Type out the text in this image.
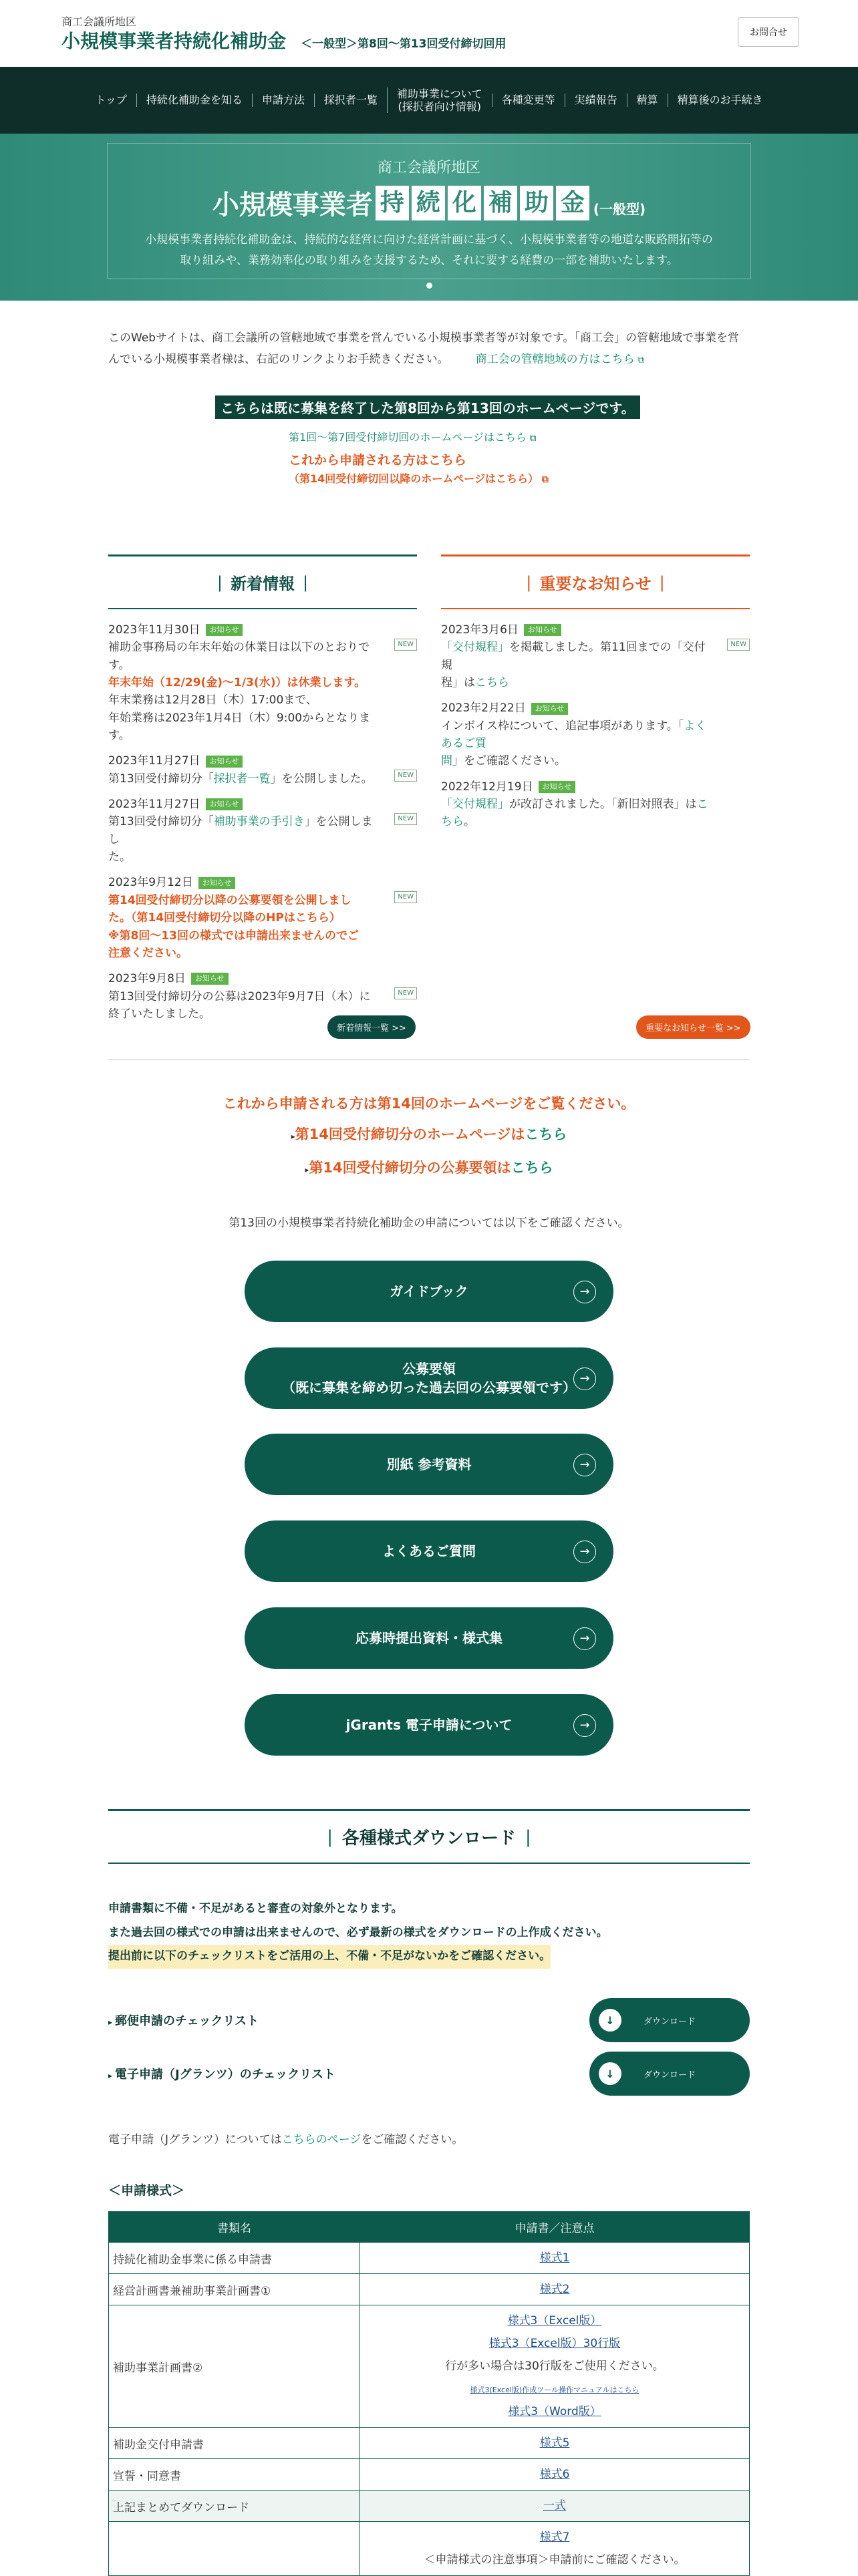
商工会議所地区
小規模事業者持続化補助金 ＜一般型＞第8回〜第13回受付締切回用
お問合せ
トップ	持続化補助金を知る	申請方法	採択者一覧
補助事業について
(採択者向け情報)
各種変更等	実績報告	精算	精算後のお手続き
商工会議所地区
小規模事業者 持 続 化 補 助 金 (一般型)
小規模事業者持続化補助金は、持続的な経営に向けた経営計画に基づく、小規模事業者等の地道な販路開拓等の
取り組みや、業務効率化の取り組みを支援するため、それに要する経費の一部を補助いたします。
このWebサイトは、商工会議所の管轄地域で事業を営んでいる小規模事業者等が対象です。「商工会」の管轄地域で事業を営
んでいる小規模事業者様は、右記のリンクよりお手続きください。 商工会の管轄地域の方はこちら ⧉
こちらは既に募集を終了した第8回から第13回のホームページです。
第1回〜第7回受付締切回のホームページはこちら ⧉
これから申請される方はこちら
（第14回受付締切回以降のホームページはこちら） ⧉
| 新着情報 |
2023年11月30日	お知らせ
NEW
補助金事務局の年末年始の休業日は以下のとおりで
す。
年末年始（12/29(金)〜1/3(水)）は休業します。
年末業務は12月28日（木）17:00まで、
年始業務は2023年1月4日（木）9:00からとなります。
2023年11月27日	お知らせ
NEW
第13回受付締切分「採択者一覧」を公開しました。
2023年11月27日	お知らせ
NEW
第13回受付締切分「補助事業の手引き」を公開しまし
た。
2023年9月12日	お知らせ
NEW
第14回受付締切分以降の公募要領を公開しまし
た。（第14回受付締切分以降のHPはこちら）
※第8回〜13回の様式では申請出来ませんのでご
注意ください。
2023年9月8日	お知らせ
NEW
第13回受付締切分の公募は2023年9月7日（木）に
終了いたしました。
新着情報一覧 >>
| 重要なお知らせ |
2023年3月6日	お知らせ
NEW
「交付規程」を掲載しました。第11回までの「交付規
程」はこちら
2023年2月22日	お知らせ
インボイス枠について、追記事項があります。「よくあるご質
問」をご確認ください。
2022年12月19日	お知らせ
「交付規程」が改訂されました。「新旧対照表」はこちら。
重要なお知らせ一覧 >>
これから申請される方は第14回のホームページをご覧ください。
▸第14回受付締切分のホームページはこちら
▸第14回受付締切分の公募要領はこちら
第13回の小規模事業者持続化補助金の申請については以下をご確認ください。
ガイドブック	→
公募要領
（既に募集を締め切った過去回の公募要領です）
→
別紙 参考資料	→
よくあるご質問	→
応募時提出資料・様式集	→
jGrants 電子申請について	→
| 各種様式ダウンロード |
申請書類に不備・不足があると審査の対象外となります。
また過去回の様式での申請は出来ませんので、必ず最新の様式をダウンロードの上作成ください。
提出前に以下のチェックリストをご活用の上、不備・不足がないかをご確認ください。
▸ 郵便申請のチェックリスト	↓	ダウンロード
▸ 電子申請（Jグランツ）のチェックリスト	↓	ダウンロード
電子申請（Jグランツ）についてはこちらのページをご確認ください。
＜申請様式＞
書類名	申請書／注意点
持続化補助金事業に係る申請書	様式1
経営計画書兼補助事業計画書①	様式2
補助事業計画書②	様式3（Excel版）
様式3（Excel版）30行版
行が多い場合は30行版をご使用ください。
様式3(Excel版)作成ツール操作マニュアルはこちら
様式3（Word版）
補助金交付申請書	様式5
宣誓・同意書	様式6
上記まとめてダウンロード	一式
	様式7
＜申請様式の注意事項＞申請前にご確認ください。
